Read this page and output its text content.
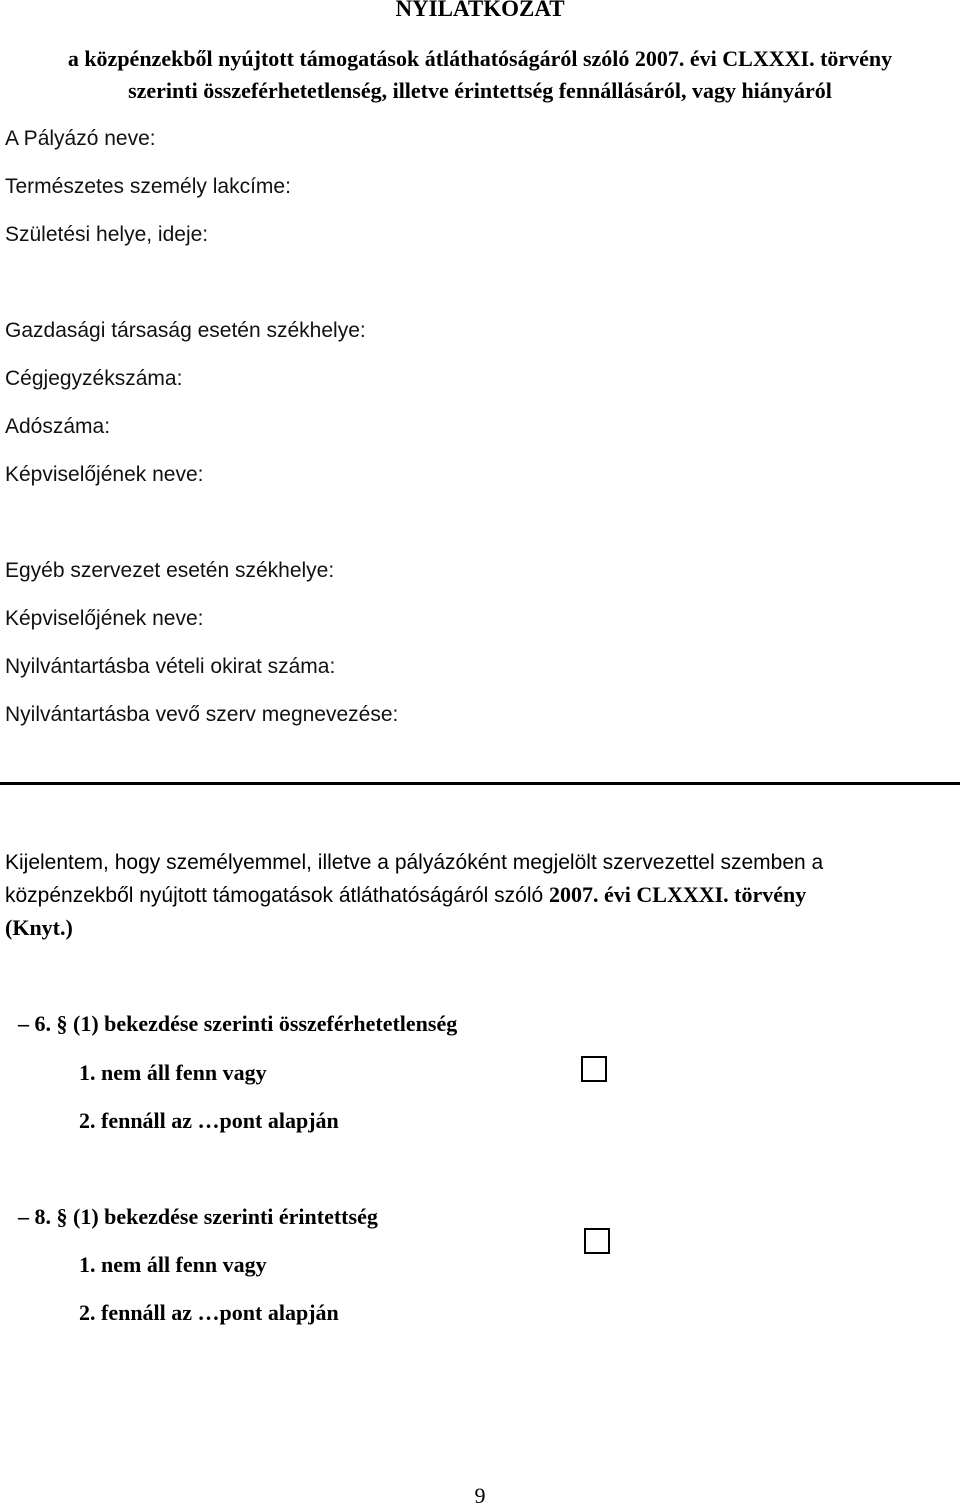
NYILATKOZAT
a közpénzekből nyújtott támogatások átláthatóságáról szóló 2007. évi CLXXXI. törvény
szerinti összeférhetetlenség, illetve érintettség fennállásáról, vagy hiányáról
A Pályázó neve:
Természetes személy lakcíme:
Születési helye, ideje:
Gazdasági társaság esetén székhelye:
Cégjegyzékszáma:
Adószáma:
Képviselőjének neve:
Egyéb szervezet esetén székhelye:
Képviselőjének neve:
Nyilvántartásba vételi okirat száma:
Nyilvántartásba vevő szerv megnevezése:
Kijelentem, hogy személyemmel, illetve a pályázóként megjelölt szervezettel szemben a
közpénzekből nyújtott támogatások átláthatóságáról szóló 2007. évi CLXXXI. törvény
(Knyt.)
– 6. § (1) bekezdése szerinti összeférhetetlenség
1. nem áll fenn vagy
2. fennáll az …pont alapján
– 8. § (1) bekezdése szerinti érintettség
1. nem áll fenn vagy
2. fennáll az …pont alapján
9
